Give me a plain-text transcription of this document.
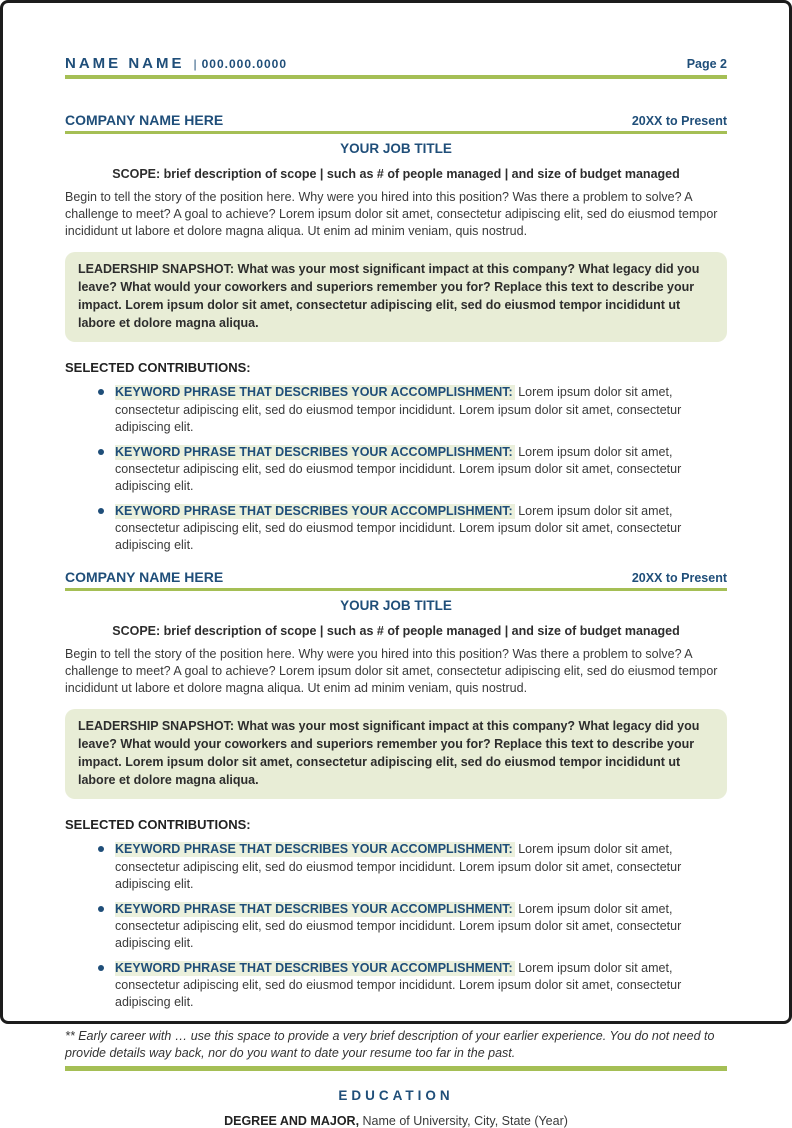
NAME NAME | 000.000.0000	Page 2
COMPANY NAME HERE	20XX to Present
YOUR JOB TITLE
SCOPE: brief description of scope | such as # of people managed | and size of budget managed
Begin to tell the story of the position here. Why were you hired into this position? Was there a problem to solve? A challenge to meet? A goal to achieve? Lorem ipsum dolor sit amet, consectetur adipiscing elit, sed do eiusmod tempor incididunt ut labore et dolore magna aliqua. Ut enim ad minim veniam, quis nostrud.
LEADERSHIP SNAPSHOT: What was your most significant impact at this company? What legacy did you leave? What would your coworkers and superiors remember you for? Replace this text to describe your impact. Lorem ipsum dolor sit amet, consectetur adipiscing elit, sed do eiusmod tempor incididunt ut labore et dolore magna aliqua.
SELECTED CONTRIBUTIONS:
KEYWORD PHRASE THAT DESCRIBES YOUR ACCOMPLISHMENT: Lorem ipsum dolor sit amet, consectetur adipiscing elit, sed do eiusmod tempor incididunt. Lorem ipsum dolor sit amet, consectetur adipiscing elit.
KEYWORD PHRASE THAT DESCRIBES YOUR ACCOMPLISHMENT: Lorem ipsum dolor sit amet, consectetur adipiscing elit, sed do eiusmod tempor incididunt. Lorem ipsum dolor sit amet, consectetur adipiscing elit.
KEYWORD PHRASE THAT DESCRIBES YOUR ACCOMPLISHMENT: Lorem ipsum dolor sit amet, consectetur adipiscing elit, sed do eiusmod tempor incididunt. Lorem ipsum dolor sit amet, consectetur adipiscing elit.
COMPANY NAME HERE	20XX to Present
YOUR JOB TITLE
SCOPE: brief description of scope | such as # of people managed | and size of budget managed
Begin to tell the story of the position here. Why were you hired into this position? Was there a problem to solve? A challenge to meet? A goal to achieve? Lorem ipsum dolor sit amet, consectetur adipiscing elit, sed do eiusmod tempor incididunt ut labore et dolore magna aliqua. Ut enim ad minim veniam, quis nostrud.
LEADERSHIP SNAPSHOT: What was your most significant impact at this company? What legacy did you leave? What would your coworkers and superiors remember you for? Replace this text to describe your impact. Lorem ipsum dolor sit amet, consectetur adipiscing elit, sed do eiusmod tempor incididunt ut labore et dolore magna aliqua.
SELECTED CONTRIBUTIONS:
KEYWORD PHRASE THAT DESCRIBES YOUR ACCOMPLISHMENT: Lorem ipsum dolor sit amet, consectetur adipiscing elit, sed do eiusmod tempor incididunt. Lorem ipsum dolor sit amet, consectetur adipiscing elit.
KEYWORD PHRASE THAT DESCRIBES YOUR ACCOMPLISHMENT: Lorem ipsum dolor sit amet, consectetur adipiscing elit, sed do eiusmod tempor incididunt. Lorem ipsum dolor sit amet, consectetur adipiscing elit.
KEYWORD PHRASE THAT DESCRIBES YOUR ACCOMPLISHMENT: Lorem ipsum dolor sit amet, consectetur adipiscing elit, sed do eiusmod tempor incididunt. Lorem ipsum dolor sit amet, consectetur adipiscing elit.
** Early career with … use this space to provide a very brief description of your earlier experience. You do not need to provide details way back, nor do you want to date your resume too far in the past.
EDUCATION
DEGREE AND MAJOR, Name of University, City, State (Year)
